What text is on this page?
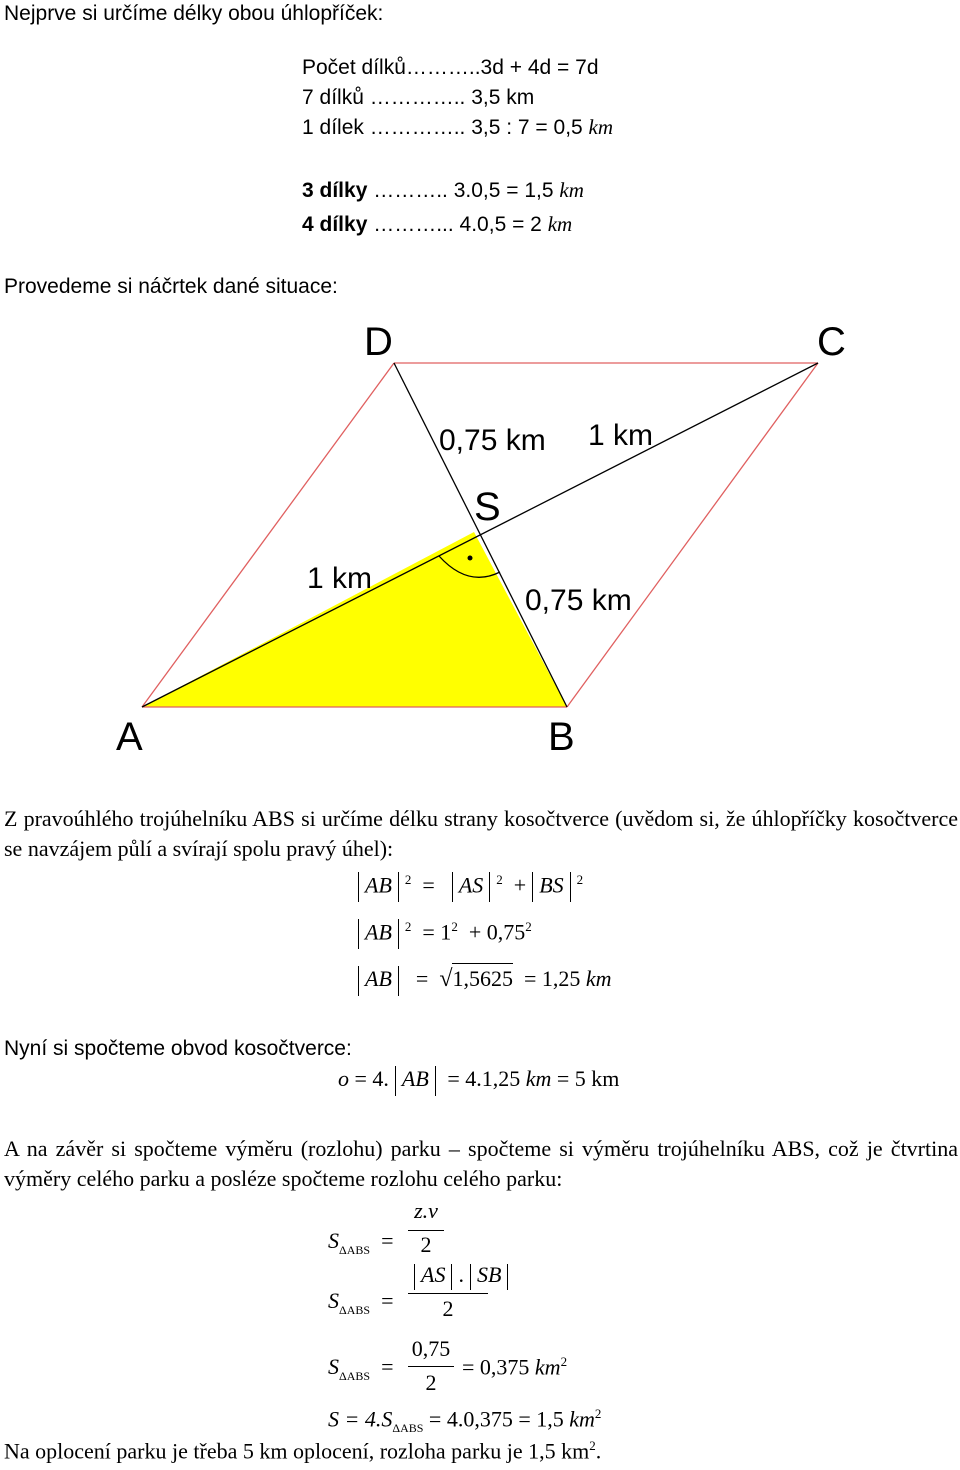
Nejprve si určíme délky obou úhlopříček:
Počet dílků………..3d + 4d = 7d
7 dílků ………….. 3,5 km
1 dílek ………….. 3,5 : 7 = 0,5 km
3 dílky ……….. 3.0,5 = 1,5 km
4 dílky ………... 4.0,5 = 2 km
Provedeme si náčrtek dané situace:
D	C
A	B
S
0,75 km 1 km
1 km
0,75 km
Z pravoúhlého trojúhelníku ABS si určíme délku strany kosočtverce (uvědom si, že úhlopříčky kosočtverce se navzájem půlí a svírají spolu pravý úhel):
AB $^2$  =  AS $^2$  + BS $^2$
AB $^2 = 1^2 + 0,75^2$
AB = √1,5625 = 1,25 km
Nyní si spočteme obvod kosočtverce:
o = 4. AB = 4.1,25 km = 5 km
A na závěr si spočteme výměru (rozlohu) parku – spočteme si výměru trojúhelníku ABS, což je čtvrtina výměry celého parku a posléze spočteme rozlohu celého parku:
$S_{\Delta ABS}$ =
z.v
2
$S_{\Delta ABS}$ =
AS . SB
2
$S_{\Delta ABS}$ =
0,75
2
= 0,375 $km^2$
$S = 4.S_{\Delta ABS} = 4.0,375 = 1,5$ $km^2$
Na oplocení parku je třeba 5 km oplocení, rozloha parku je 1,5 $km^2$.
